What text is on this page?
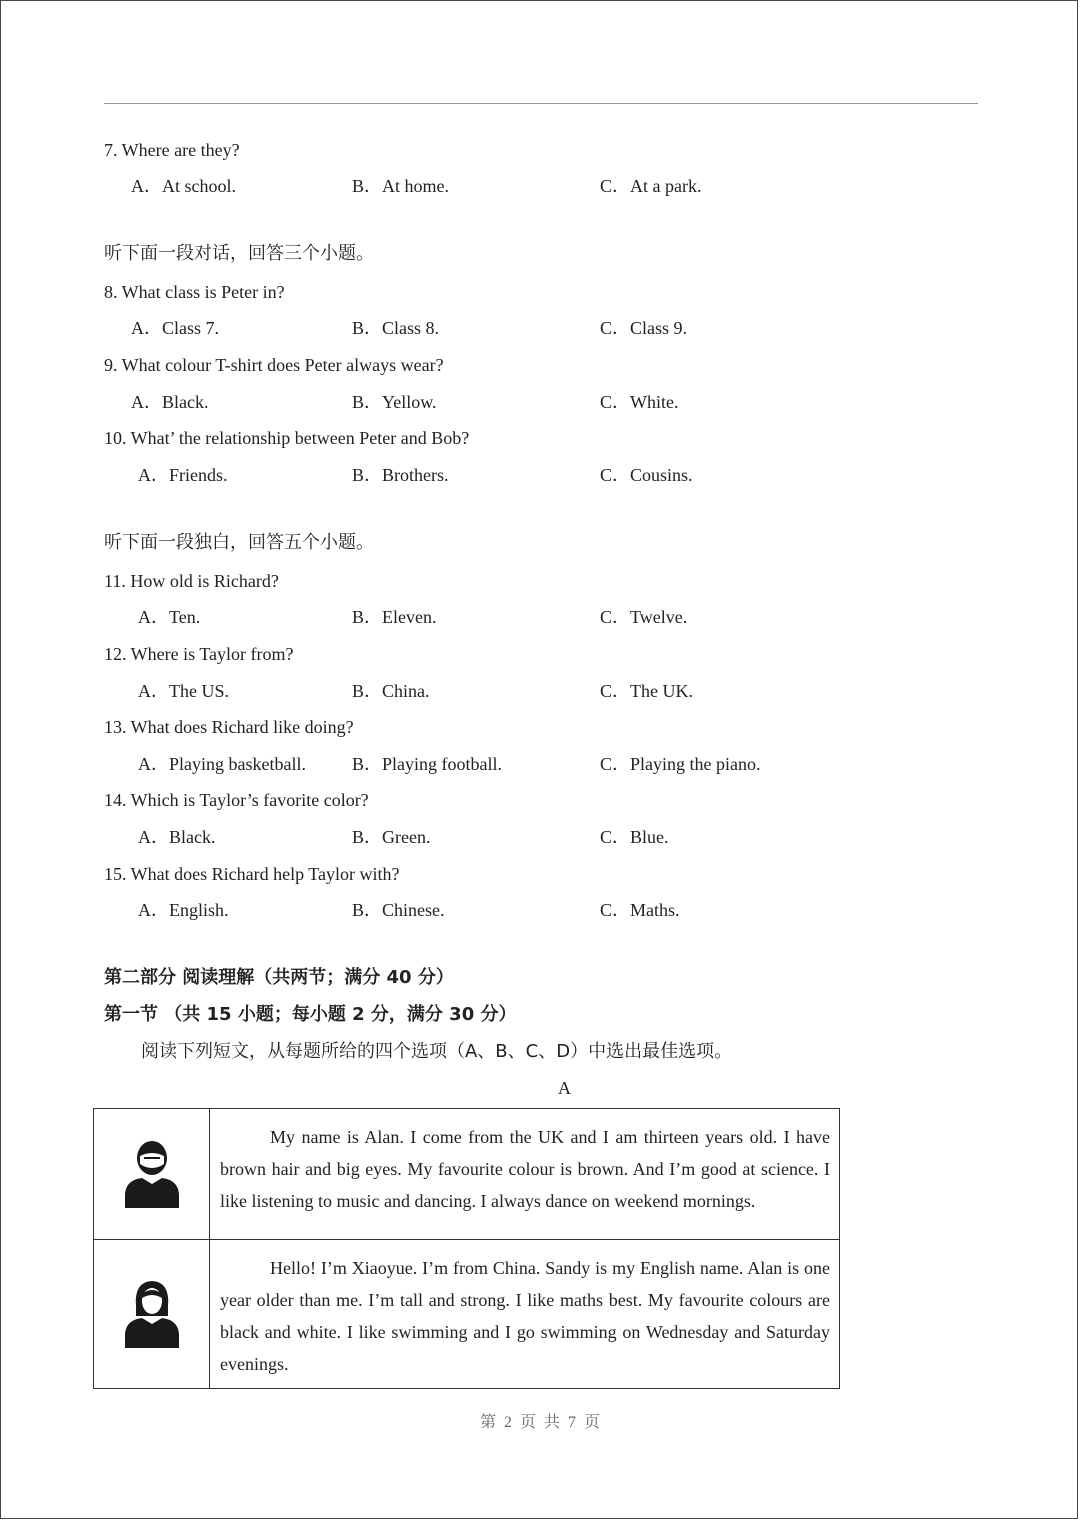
7. Where are they?
A．At school.	B．At home.	C．At a park.
听下面一段对话，回答三个小题。
8. What class is Peter in?
A．Class 7.	B．Class 8.	C．Class 9.
9. What colour T-shirt does Peter always wear?
A．Black.	B．Yellow.	C．White.
10. What’ the relationship between Peter and Bob?
A．Friends.	B．Brothers.	C．Cousins.
听下面一段独白，回答五个小题。
11. How old is Richard?
A．Ten.	B．Eleven.	C．Twelve.
12. Where is Taylor from?
A．The US.	B．China.	C．The UK.
13. What does Richard like doing?
A．Playing basketball.	B．Playing football.	C．Playing the piano.
14. Which is Taylor’s favorite color?
A．Black.	B．Green.	C．Blue.
15. What does Richard help Taylor with?
A．English.	B．Chinese.	C．Maths.
第二部分 阅读理解（共两节；满分 40 分）
第一节 （共 15 小题；每小题 2 分，满分 30 分）
阅读下列短文，从每题所给的四个选项（A、B、C、D）中选出最佳选项。
A
	My name is Alan. I come from the UK and I am thirteen years old. I have brown hair and big eyes. My favourite colour is brown. And I’m good at science. I like listening to music and dancing. I always dance on weekend mornings.
	Hello! I’m Xiaoyue. I’m from China. Sandy is my English name. Alan is one year older than me. I’m tall and strong. I like maths best. My favourite colours are black and white. I like swimming and I go swimming on Wednesday and Saturday evenings.
第 2 页 共 7 页
